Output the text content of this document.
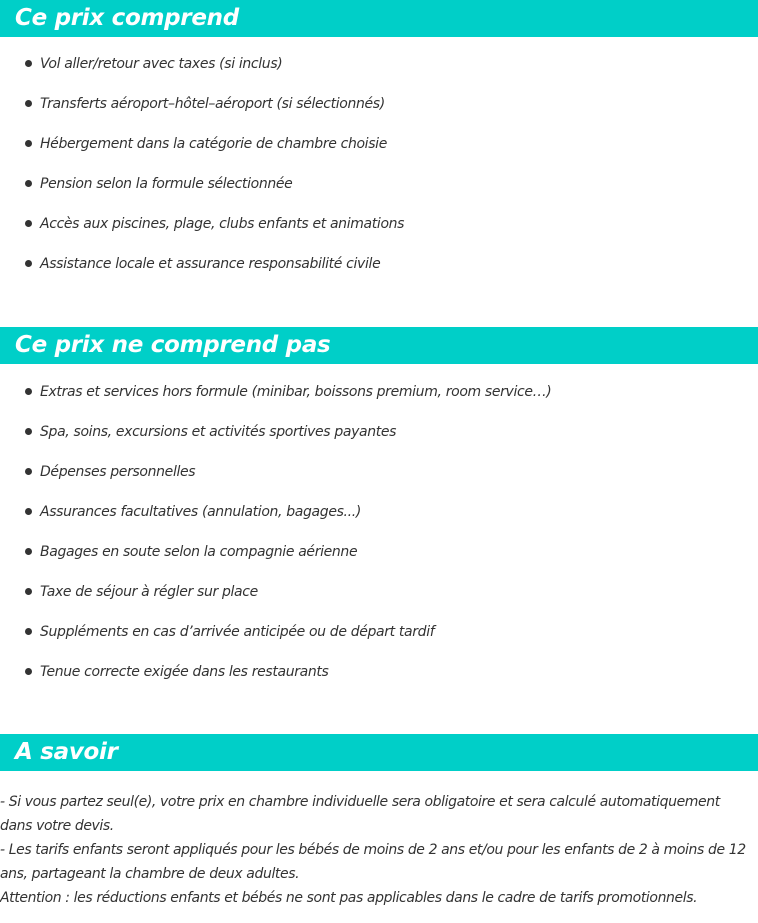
Ce prix comprend
Vol aller/retour avec taxes (si inclus)
Transferts aéroport–hôtel–aéroport (si sélectionnés)
Hébergement dans la catégorie de chambre choisie
Pension selon la formule sélectionnée
Accès aux piscines, plage, clubs enfants et animations
Assistance locale et assurance responsabilité civile
Ce prix ne comprend pas
Extras et services hors formule (minibar, boissons premium, room service…)
Spa, soins, excursions et activités sportives payantes
Dépenses personnelles
Assurances facultatives (annulation, bagages...)
Bagages en soute selon la compagnie aérienne
Taxe de séjour à régler sur place
Suppléments en cas d’arrivée anticipée ou de départ tardif
Tenue correcte exigée dans les restaurants
A savoir

- Si vous partez seul(e), votre prix en chambre individuelle sera obligatoire et sera calculé automatiquement dans votre devis.

- Les tarifs enfants seront appliqués pour les bébés de moins de 2 ans et/ou pour les enfants de 2 à moins de 12 ans, partageant la chambre de deux adultes.

Attention : les réductions enfants et bébés ne sont pas applicables dans le cadre de tarifs promotionnels.
